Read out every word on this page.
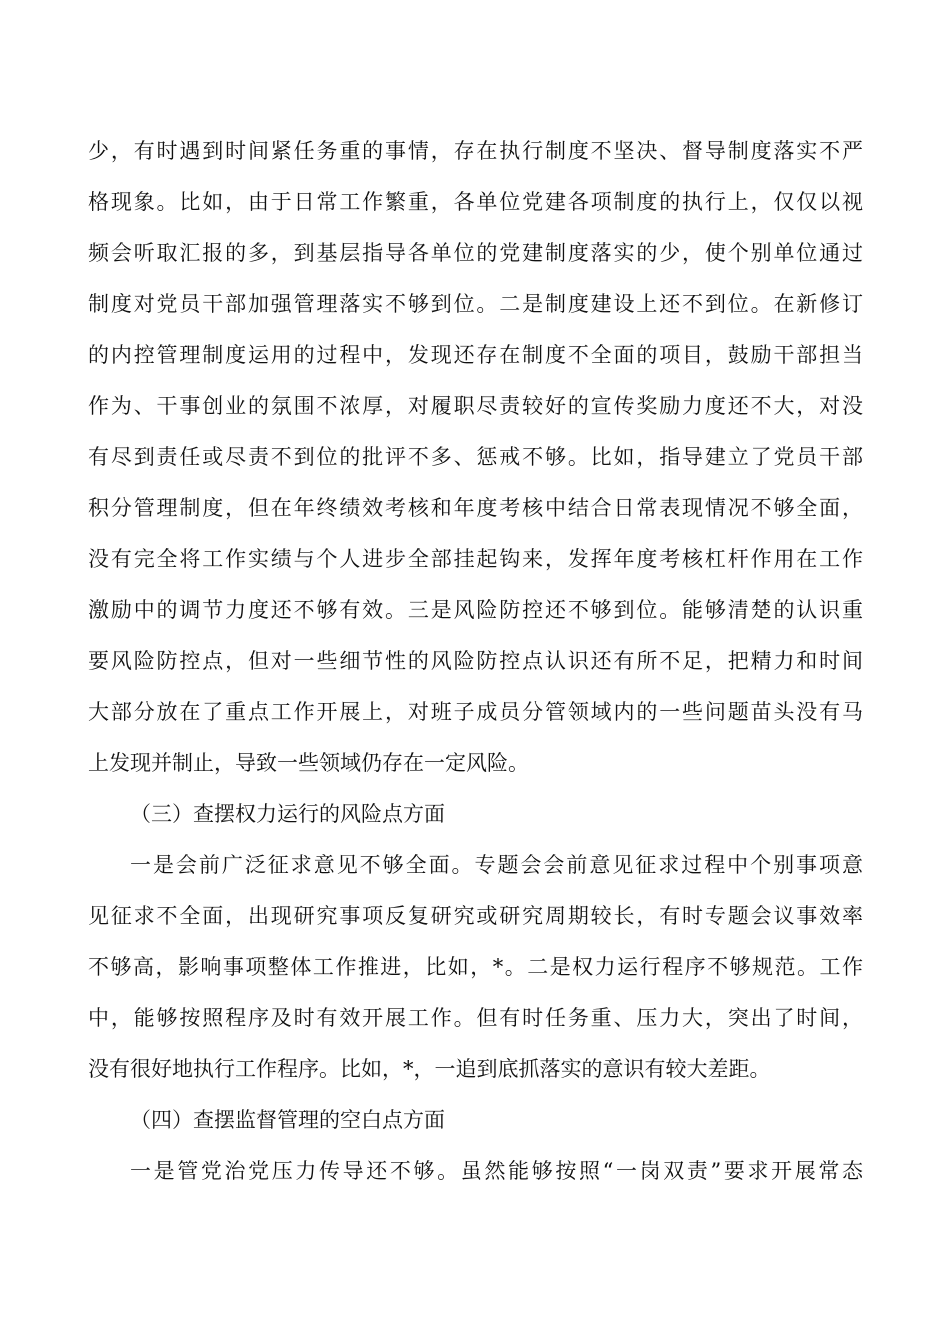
少，有时遇到时间紧任务重的事情，存在执行制度不坚决、督导制度落实不严
格现象。比如，由于日常工作繁重，各单位党建各项制度的执行上，仅仅以视
频会听取汇报的多，到基层指导各单位的党建制度落实的少，使个别单位通过
制度对党员干部加强管理落实不够到位。二是制度建设上还不到位。在新修订
的内控管理制度运用的过程中，发现还存在制度不全面的项目，鼓励干部担当
作为、干事创业的氛围不浓厚，对履职尽责较好的宣传奖励力度还不大，对没
有尽到责任或尽责不到位的批评不多、惩戒不够。比如，指导建立了党员干部
积分管理制度，但在年终绩效考核和年度考核中结合日常表现情况不够全面，
没有完全将工作实绩与个人进步全部挂起钩来，发挥年度考核杠杆作用在工作
激励中的调节力度还不够有效。三是风险防控还不够到位。能够清楚的认识重
要风险防控点，但对一些细节性的风险防控点认识还有所不足，把精力和时间
大部分放在了重点工作开展上，对班子成员分管领域内的一些问题苗头没有马
上发现并制止，导致一些领域仍存在一定风险。
（三）查摆权力运行的风险点方面
一是会前广泛征求意见不够全面。专题会会前意见征求过程中个别事项意
见征求不全面，出现研究事项反复研究或研究周期较长，有时专题会议事效率
不够高，影响事项整体工作推进，比如，*。二是权力运行程序不够规范。工作
中，能够按照程序及时有效开展工作。但有时任务重、压力大，突出了时间，
没有很好地执行工作程序。比如，*，一追到底抓落实的意识有较大差距。
（四）查摆监督管理的空白点方面
一是管党治党压力传导还不够。虽然能够按照“一岗双责”要求开展常态
